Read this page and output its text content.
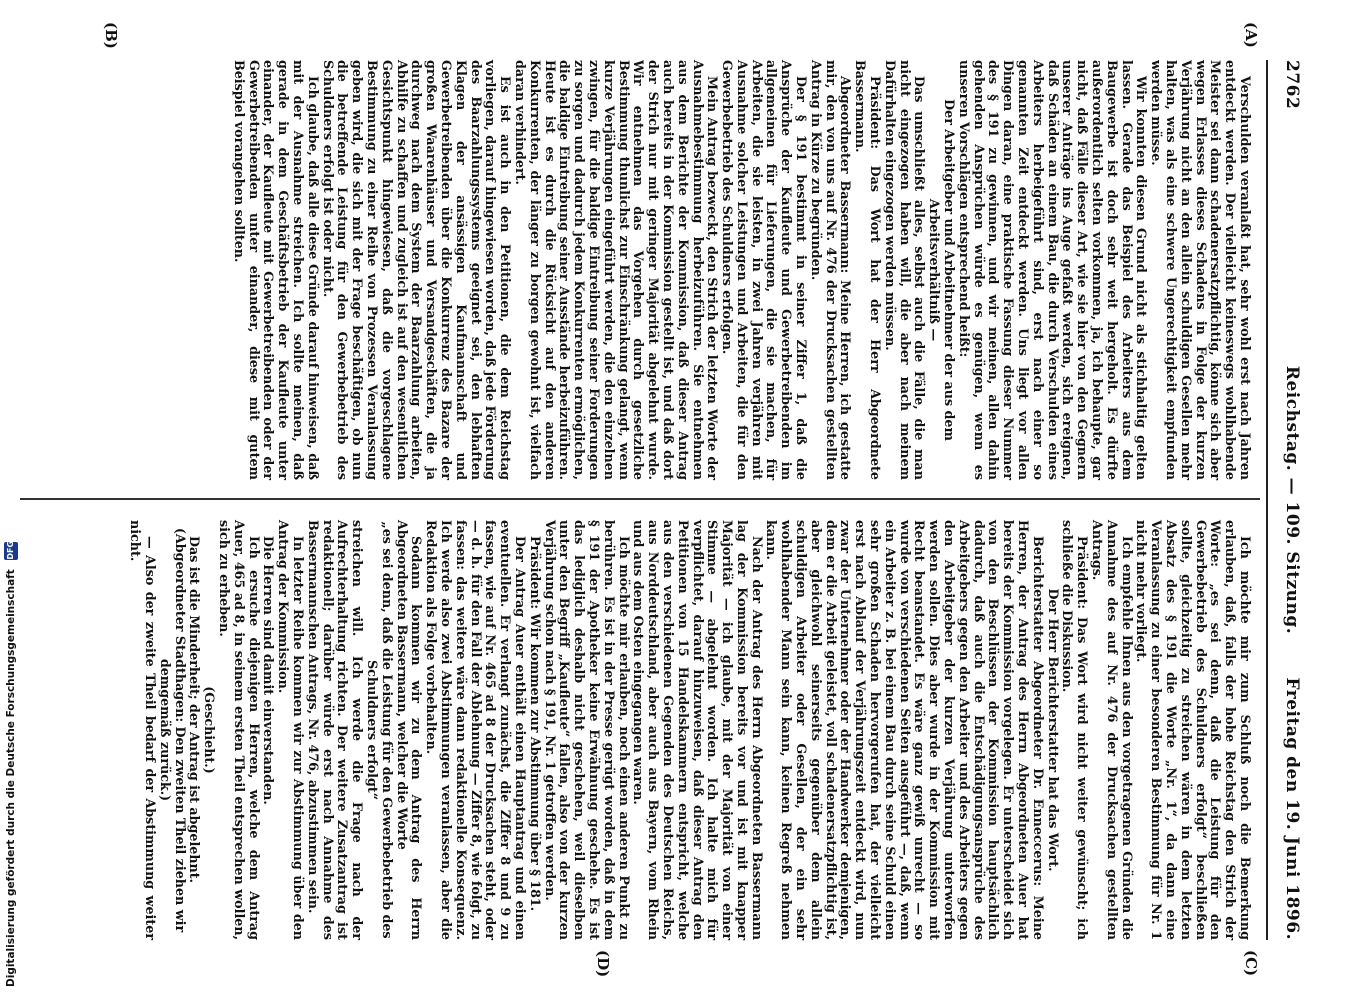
2762
Reichstag. — 109. Sitzung.
Freitag den 19. Juni 1896.
(A)
(B)
(C)
(D)

Verschulden veranlaßt hat, sehr wohl erst nach Jahren entdeckt werden. Der vielleicht keineswegs wohlhabende Meister sei dann schadenersatzpflichtig, könne sich aber wegen Erlasses dieses Schadens in Folge der kurzen Verjährung nicht an den allein schuldigen Gesellen mehr halten, was als eine schwere Ungerechtigkeit empfunden werden müsse.

Wir konnten diesen Grund nicht als stichhaltig gelten lassen. Gerade das Beispiel des Arbeiters aus dem Baugewerbe ist doch sehr weit hergeholt. Es dürfte außerordentlich selten vorkommen, ja, ich behaupte, gar nicht, daß Fälle dieser Art, wie sie hier von den Gegnern unserer Anträge ins Auge gefaßt werden, sich ereignen, daß Schäden an einem Bau, die durch Verschulden eines Arbeiters herbeigeführt sind, erst nach einer so genannten Zeit entdeckt werden. Uns liegt vor allen Dingen daran, eine praktische Fassung dieser Nummer des § 191 zu gewinnen, und wir meinen, allen dahin gehenden Ansprüchen würde es genügen, wenn es unseren Vorschlägen entsprechend heißt:

Der Arbeitgeber und Arbeitnehmer der aus dem Arbeitsverhältniß —

Das umschließt alles, selbst auch die Fälle, die man nicht eingezogen haben will, die aber nach meinem Dafürhalten eingezogen werden müssen.

Präsident: Das Wort hat der Herr Abgeordnete Bassermann.

Abgeordneter Bassermann: Meine Herren, ich gestatte mir, den von uns auf Nr. 476 der Drucksachen gestellten Antrag in Kürze zu begründen.

Der § 191 bestimmt in seiner Ziffer 1, daß die Ansprüche der Kaufleute und Gewerbetreibenden im allgemeinen für Lieferungen, die sie machen, für Arbeiten, die sie leisten, in zwei Jahren verjähren mit Ausnahme solcher Leistungen und Arbeiten, die für den Gewerbebetrieb des Schuldners erfolgen.

Mein Antrag bezweckt, den Strich der letzten Worte der Ausnahmebestimmung herbeizuführen. Sie entnehmen aus dem Berichte der Kommission, daß dieser Antrag auch bereits in der Kommission gestellt ist, und daß dort der Strich nur mit geringer Majorität abgelehnt wurde. Wir entnehmen das Vorgehen durch gesetzliche Bestimmung thunlichst zur Einschränkung gelangt, wenn kurze Verjährungen eingeführt werden, die den einzelnen zwingen, für die baldige Eintreibung seiner Forderungen zu sorgen und dadurch jedem Konkurrenten ermöglichen, die baldige Eintreibung seiner Ausstände herbeizuführen. Heute ist es durch die Rücksicht auf den anderen Konkurrenten, der länger zu borgen gewohnt ist, vielfach daran verhindert.

Es ist auch in den Petitionen, die dem Reichstag vorliegen, darauf hingewiesen worden, daß jede Förderung des Baarzahlungssystems geeignet sei, den lebhaften Klagen der ansässigen Kaufmannschaft und Gewerbetreibenden über die Konkurrenz des Bazare der großen Waarenhäuser und Versandgeschäften, die ja durchweg nach dem System der Baarzahlung arbeiten, Abhilfe zu schaffen und zugleich ist auf den wesentlichen Gesichtspunkt hingewiesen, daß die vorgeschlagene Bestimmung zu einer Reihe von Prozessen Veranlassung geben wird, die sich mit der Frage beschäftigen, ob nun die betreffende Leistung für den Gewerbebetrieb des Schuldners erfolgt ist oder nicht.

Ich glaube, daß alle diese Gründe darauf hinweisen, daß mit der Ausnahme streichen. Ich sollte meinen, daß gerade in dem Geschäftsbetrieb der Kaufleute unter einander, der Kaufleute mit Gewerbetreibenden oder der Gewerbetreibenden unter einander, diese mit gutem Beispiel vorangehen sollten.

Ich möchte mir zum Schluß noch die Bemerkung erlauben, daß, falls der hohe Reichstag den Strich der Worte: „es sei denn, daß die Leistung für den Gewerbebetrieb des Schuldners erfolgt“ beschließen sollte, gleichzeitig zu streichen wären in dem letzten Absatz des § 191 die Worte „Nr. 1“, da dann eine Veranlassung zu einer besonderen Bestimmung für Nr. 1 nicht mehr vorliegt.

Ich empfehle Ihnen aus den vorgetragenen Gründen die Annahme des auf Nr. 476 der Drucksachen gestellten Antrags.

Präsident: Das Wort wird nicht weiter gewünscht; ich schließe die Diskussion.

Der Herr Berichterstatter hat das Wort.

Berichterstatter Abgeordneter Dr. Enneccerus: Meine Herren, der Antrag des Herrn Abgeordneten Auer hat bereits der Kommission vorgelegen. Er unterscheidet sich von den Beschlüssen der Kommission hauptsächlich dadurch, daß auch die Entschädigungsansprüche des Arbeitgebers gegen den Arbeiter und des Arbeiters gegen den Arbeitgeber der kurzen Verjährung unterworfen werden sollen. Dies aber wurde in der Kommission mit Recht beanstandet. Es wäre ganz gewiß unrecht — so wurde von verschiedenen Seiten ausgeführt —, daß, wenn ein Arbeiter z. B. bei einem Bau durch seine Schuld einen sehr großen Schaden hervorgerufen hat, der vielleicht erst nach Ablauf der Verjährungszeit entdeckt wird, nun zwar der Unternehmer oder der Handwerker demjenigen, dem er die Arbeit geleistet, voll schadenersatzpflichtig ist, aber gleichwohl seinerseits gegenüber dem allein schuldigen Arbeiter oder Gesellen, der ein sehr wohlhabender Mann sein kann, keinen Regreß nehmen kann.

Nach der Antrag des Herrn Abgeordneten Bassermann lag der Kommission bereits vor und ist mit knapper Majorität — ich glaube, mit der Majorität von einer Stimme — abgelehnt worden. Ich halte mich für verpflichtet, darauf hinzuweisen, daß dieser Antrag den Petitionen von 15 Handelskammern entspricht, welche aus den verschiedenen Gegenden des Deutschen Reichs, aus Norddeutschland, aber auch aus Bayern, vom Rhein und aus dem Osten eingegangen waren.

Ich möchte mir erlauben, noch einen anderen Punkt zu berühren. Es ist in der Presse gerügt worden, daß in dem § 191 der Apotheker keine Erwähnung geschehe. Es ist das lediglich deshalb nicht geschehen, weil dieselben unter den Begriff „Kaufleute“ fallen, also von der kurzen Verjährung schon nach § 191, Nr. 1 getroffen werden.

Präsident: Wir kommen zur Abstimmung über § 181.

Der Antrag Auer enthält einen Hauptantrag und einen eventuellen. Er verlangt zunächst, die Ziffer 8 und 9 zu fassen, wie auf Nr. 465 ad 8 der Drucksachen steht, oder — d. h. für den Fall der Ablehnung — Ziffer 8, wie folgt, zu fassen: das weitere wäre dann redaktionelle Konsequenz. Ich werde also zwei Abstimmungen veranlassen, aber die Redaktion als Folge vorbehalten.

Sodann kommen wir zu dem Antrag des Herrn Abgeordneten Bassermann, welcher die Worte

„es sei denn, daß die Leistung für den Gewerbebetrieb des Schuldners erfolgt“

streichen will. Ich werde die Frage nach der Aufrechterhaltung richten. Der weitere Zusatzantrag ist redaktionell; darüber würde erst nach Annahme des Bassermannschen Antrags, Nr. 476, abzustimmen sein.

In letzter Reihe kommen wir zur Abstimmung über den Antrag der Kommission.

Die Herren sind damit einverstanden.

Ich ersuche diejenigen Herren, welche dem Antrag Auer, 465 ad 8, in seinem ersten Theil entsprechen wollen, sich zu erheben.

(Geschieht.)

Das ist die Minderheit; der Antrag ist abgelehnt.

(Abgeordneter Stadthagen: Den zweiten Theil ziehen wir demgemäß zurück.)

— Also der zweite Theil bedarf der Abstimmung weiter nicht.

Digitalisierung gefördert durch die Deutsche Forschungsgemeinschaft DFG
